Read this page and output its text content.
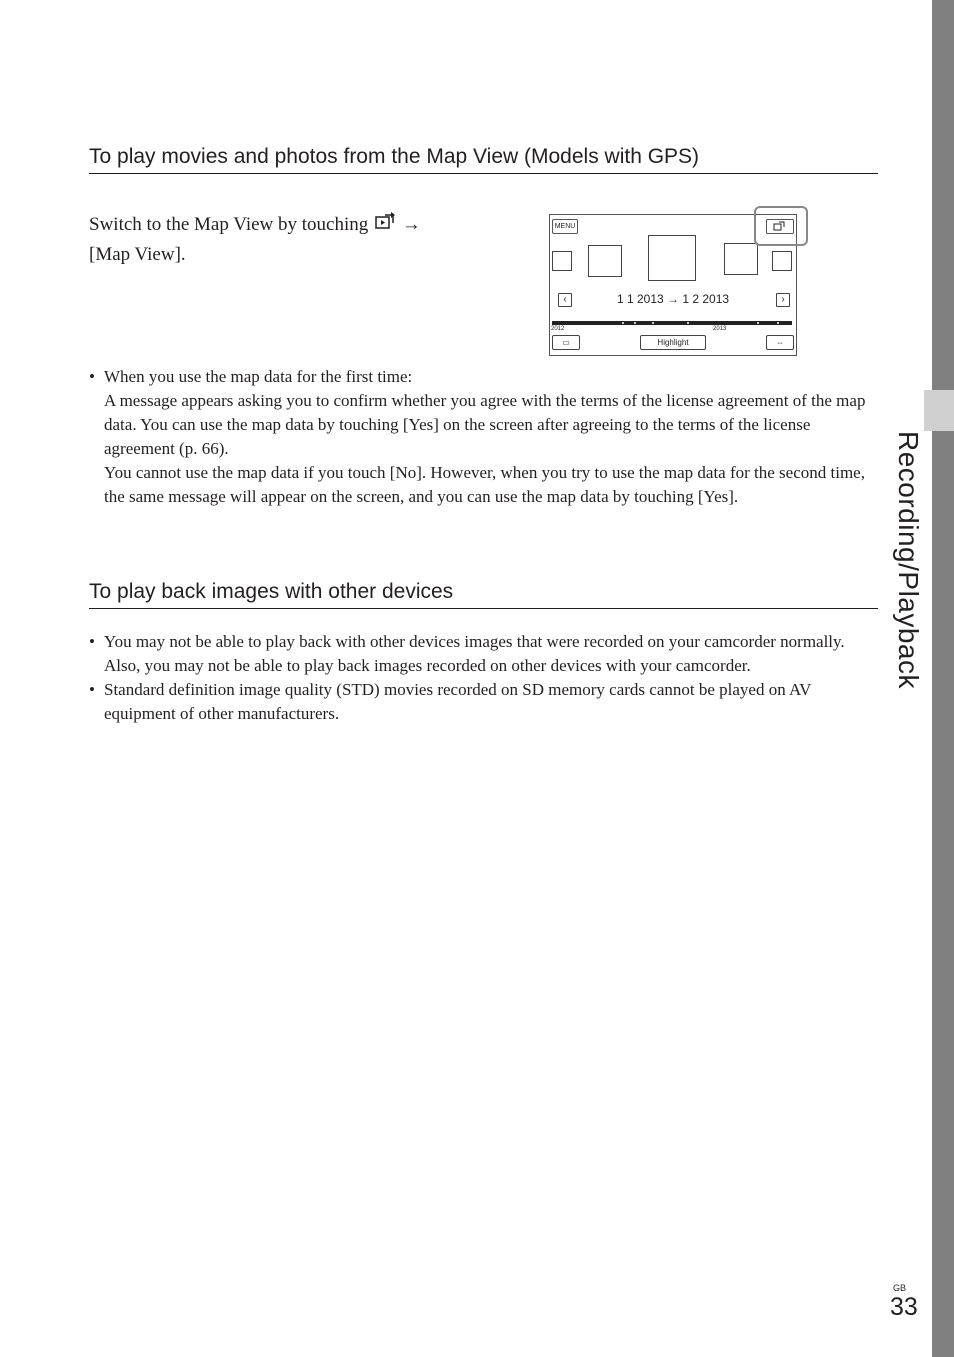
Recording/Playback
To play movies and photos from the Map View (Models with GPS)
Switch to the Map View by touching →
[Map View].
MENU
‹	1 1 2013 → 1 2 2013	›
2012	2013
▭	Highlight	⇔

• When you use the map data for the first time:

A message appears asking you to confirm whether you agree with the terms of the license agreement of the map data. You can use the map data by touching [Yes] on the screen after agreeing to the terms of the license agreement (p. 66).

You cannot use the map data if you touch [No]. However, when you try to use the map data for the second time, the same message will appear on the screen, and you can use the map data by touching [Yes].

To play back images with other devices
• You may not be able to play back with other devices images that were recorded on your camcorder normally. Also, you may not be able to play back images recorded on other devices with your camcorder.
• Standard definition image quality (STD) movies recorded on SD memory cards cannot be played on AV equipment of other manufacturers.
GB
33
